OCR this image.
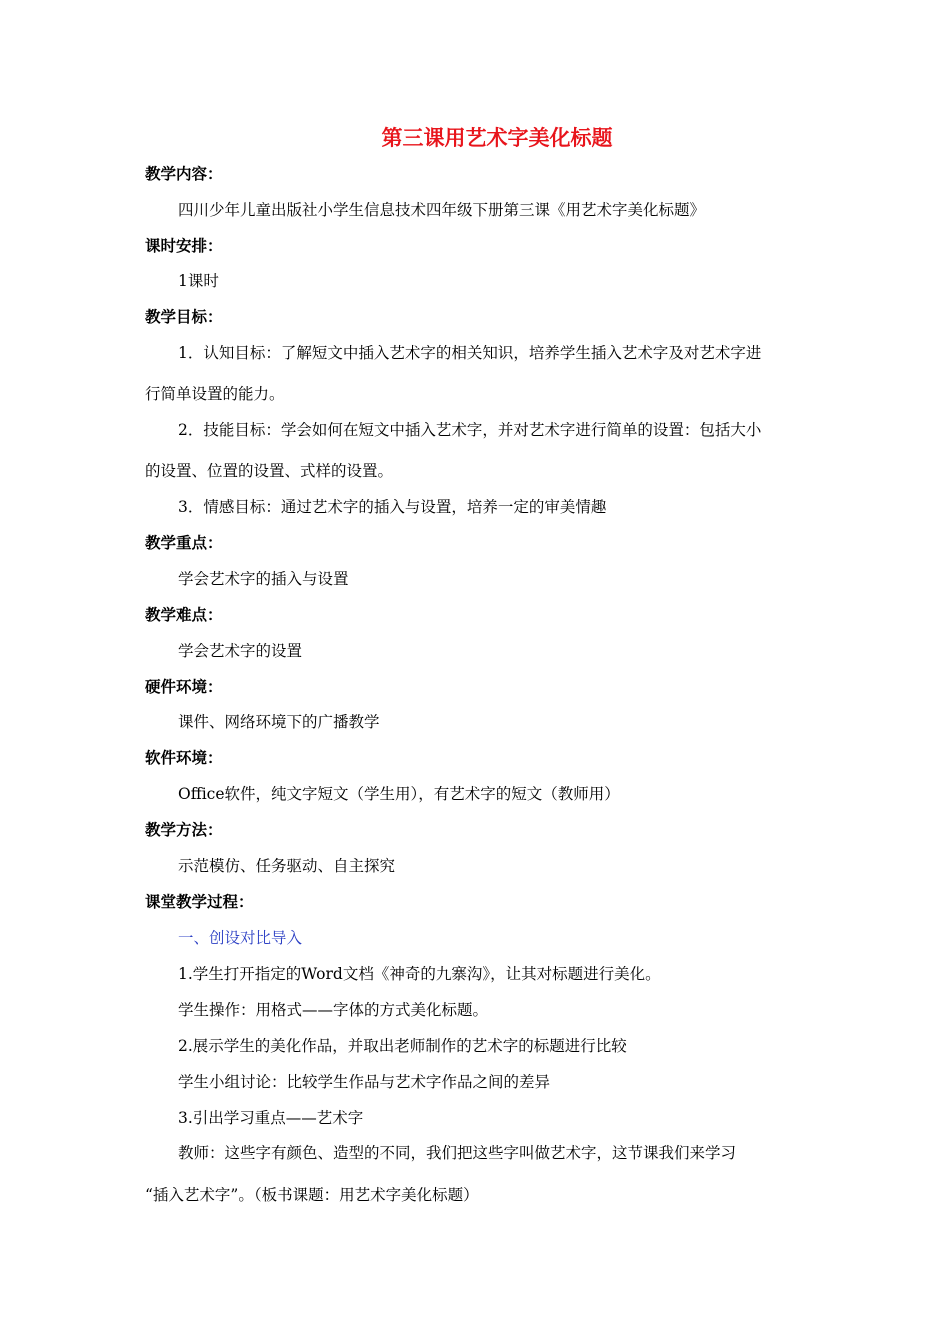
第三课用艺术字美化标题
教学内容：
四川少年儿童出版社小学生信息技术四年级下册第三课《用艺术字美化标题》
课时安排：
1课时
教学目标：
1．认知目标：了解短文中插入艺术字的相关知识，培养学生插入艺术字及对艺术字进
行简单设置的能力。
2．技能目标：学会如何在短文中插入艺术字，并对艺术字进行简单的设置：包括大小
的设置、位置的设置、式样的设置。
3．情感目标：通过艺术字的插入与设置，培养一定的审美情趣
教学重点：
学会艺术字的插入与设置
教学难点：
学会艺术字的设置
硬件环境：
课件、网络环境下的广播教学
软件环境：
Office软件，纯文字短文（学生用），有艺术字的短文（教师用）
教学方法：
示范模仿、任务驱动、自主探究
课堂教学过程：
一、创设对比导入
1.学生打开指定的Word文档《神奇的九寨沟》，让其对标题进行美化。
学生操作：用格式——字体的方式美化标题。
2.展示学生的美化作品，并取出老师制作的艺术字的标题进行比较
学生小组讨论：比较学生作品与艺术字作品之间的差异
3.引出学习重点——艺术字
教师：这些字有颜色、造型的不同，我们把这些字叫做艺术字，这节课我们来学习
“插入艺术字”。（板书课题：用艺术字美化标题）
